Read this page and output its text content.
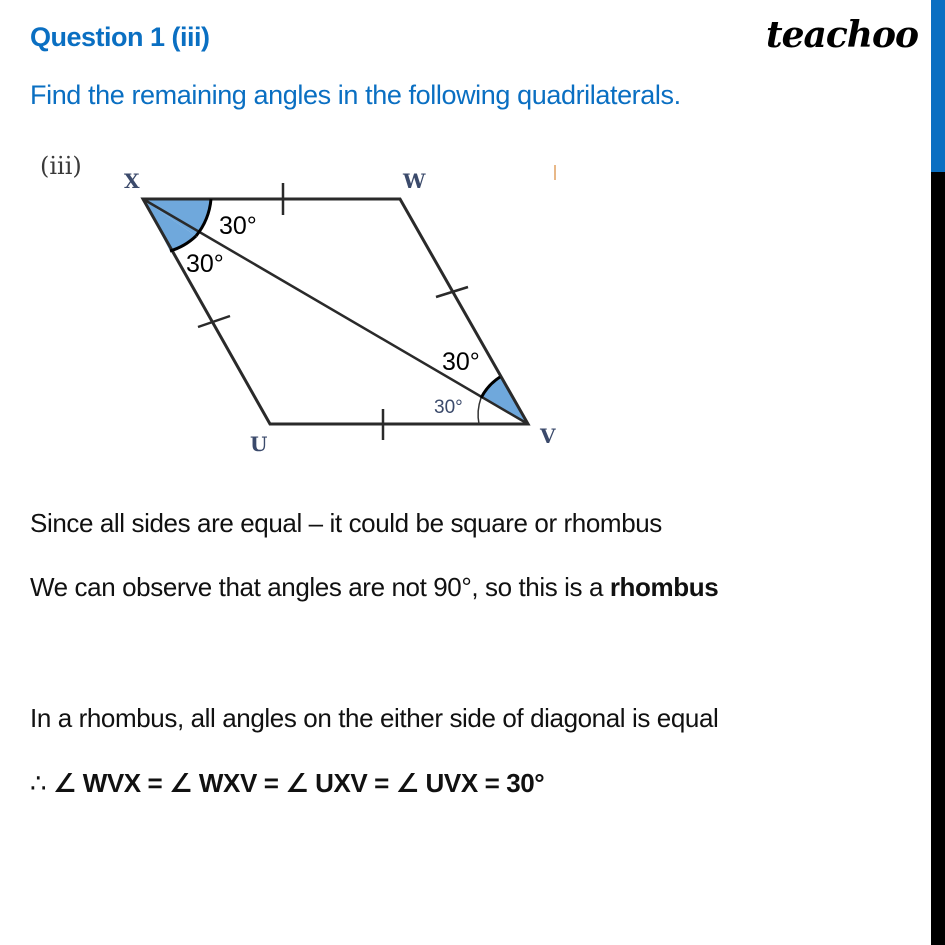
Question 1 (iii)	teachoo
Find the remaining angles in the following quadrilaterals.
(iii)
X	W
V
U
30°
30°
30°
30°
Since all sides are equal – it could be square or rhombus
We can observe that angles are not 90°, so this is a rhombus
In a rhombus, all angles on the either side of diagonal is equal
∴ ∠ WVX = ∠ WXV = ∠ UXV = ∠ UVX = 30°
